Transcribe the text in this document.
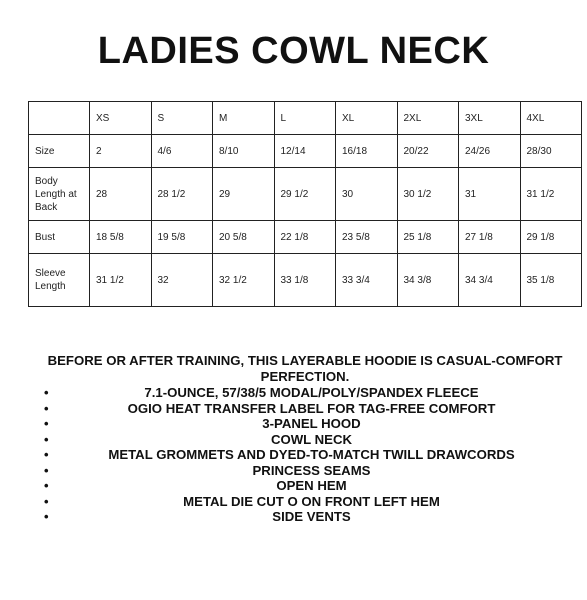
LADIES COWL NECK
	XS	S	M	L	XL	2XL	3XL	4XL
Size	2	4/6	8/10	12/14	16/18	20/22	24/26	28/30
Body Length at Back	28	28 1/2	29	29 1/2	30	30 1/2	31	31 1/2
Bust	18 5/8	19 5/8	20 5/8	22 1/8	23 5/8	25 1/8	27 1/8	29 1/8
Sleeve Length	31 1/2	32	32 1/2	33 1/8	33 3/4	34 3/8	34 3/4	35 1/8

BEFORE OR AFTER TRAINING, THIS LAYERABLE HOODIE IS CASUAL-COMFORT PERFECTION.

•	7.1-OUNCE, 57/38/5 MODAL/POLY/SPANDEX FLEECE
•	OGIO HEAT TRANSFER LABEL FOR TAG-FREE COMFORT
•	3-PANEL HOOD
•	COWL NECK
•	METAL GROMMETS AND DYED-TO-MATCH TWILL DRAWCORDS
•	PRINCESS SEAMS
•	OPEN HEM
•	METAL DIE CUT O ON FRONT LEFT HEM
•	SIDE VENTS
